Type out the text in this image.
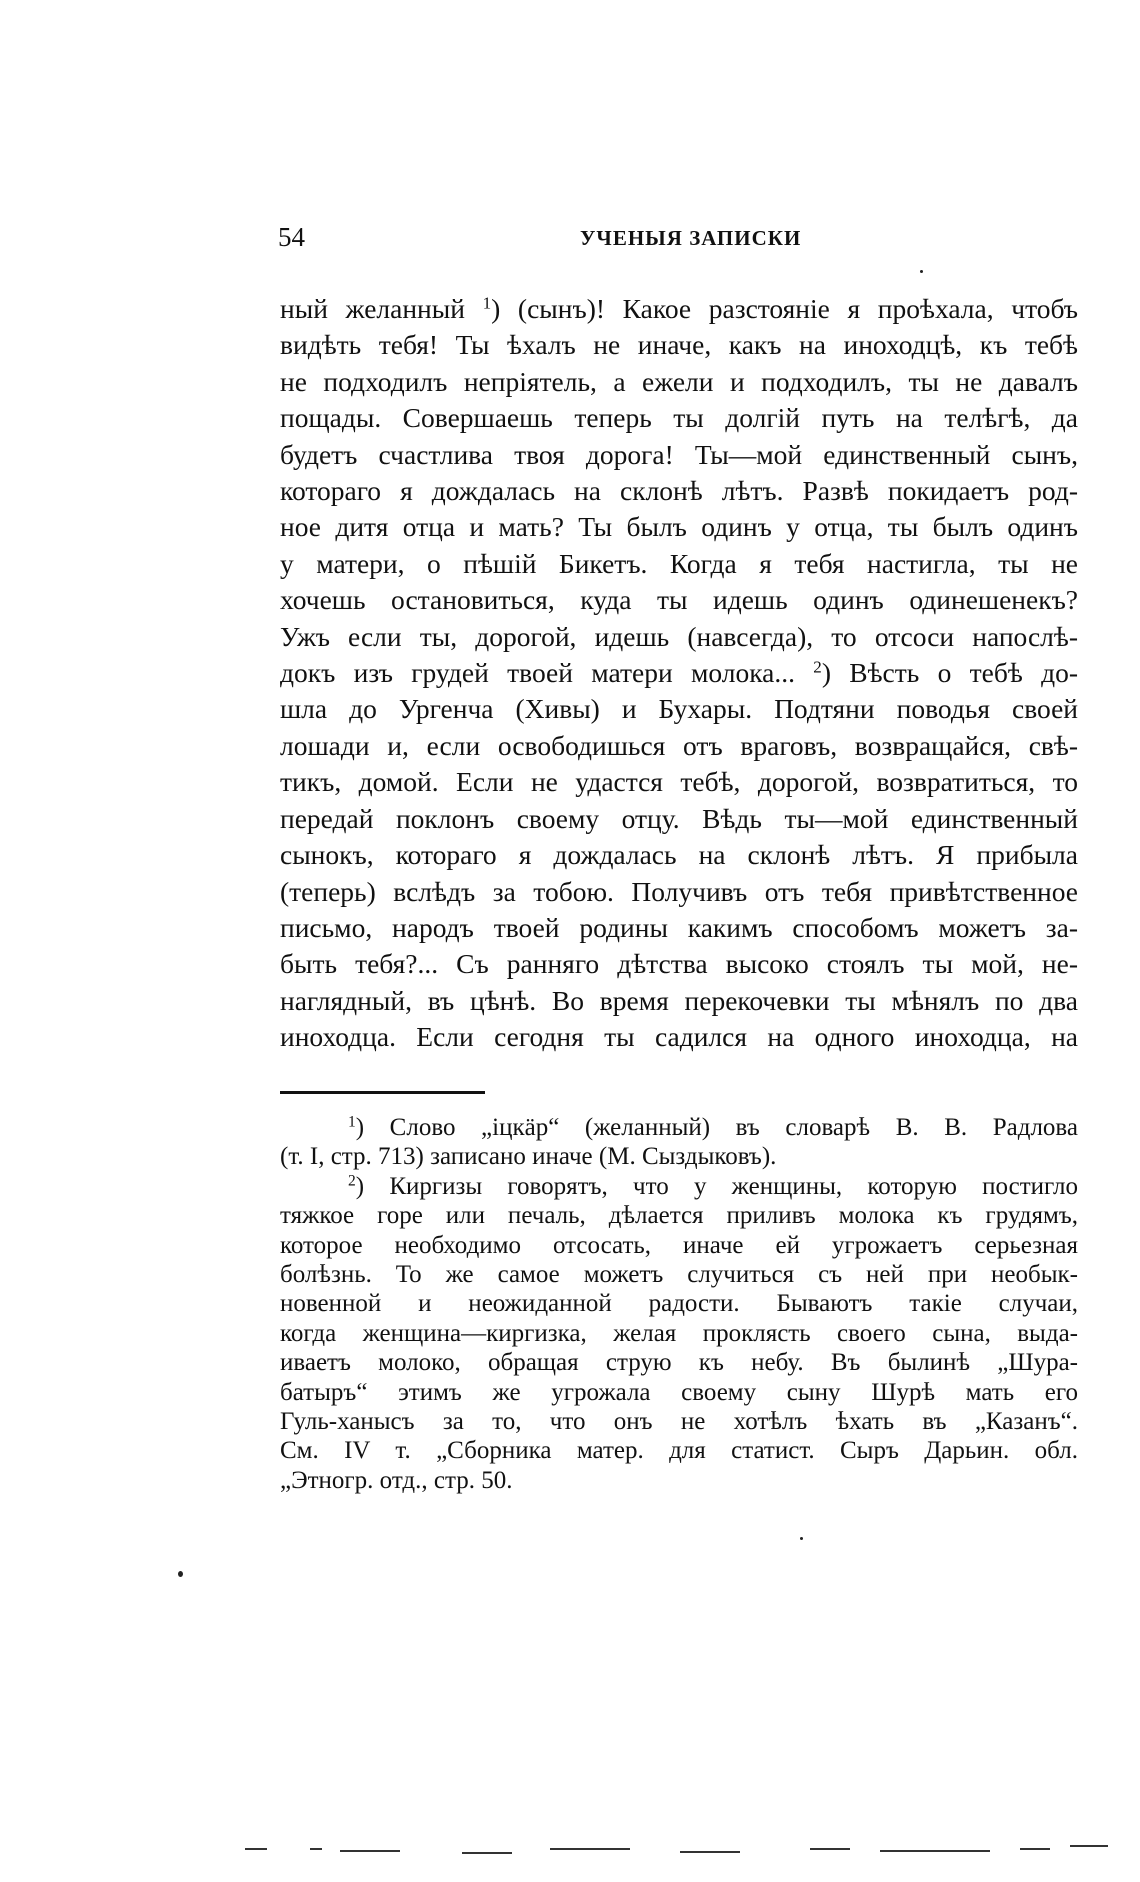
54	УЧЕНЫЯ ЗАПИСКИ
ный желанный $^1$) (сынъ)! Какое разстояніе я проѣхала, чтобъ
видѣть тебя! Ты ѣхалъ не иначе, какъ на иноходцѣ, къ тебѣ
не подходилъ непріятель, а ежели и подходилъ, ты не давалъ
пощады. Совершаешь теперь ты долгій путь на телѣгѣ, да
будетъ счастлива твоя дорога! Ты—мой единственный сынъ,
котораго я дождалась на склонѣ лѣтъ. Развѣ покидаетъ род-
ное дитя отца и мать? Ты былъ одинъ у отца, ты былъ одинъ
у матери, о пѣшій Бикетъ. Когда я тебя настигла, ты не
хочешь остановиться, куда ты идешь одинъ одинешенекъ?
Ужъ если ты, дорогой, идешь (навсегда), то отсоси напослѣ-
докъ изъ грудей твоей матери молока... $^2$) Вѣсть о тебѣ до-
шла до Ургенча (Хивы) и Бухары. Подтяни поводья своей
лошади и, если освободишься отъ враговъ, возвращайся, свѣ-
тикъ, домой. Если не удастся тебѣ, дорогой, возвратиться, то
передай поклонъ своему отцу. Вѣдь ты—мой единственный
сынокъ, котораго я дождалась на склонѣ лѣтъ. Я прибыла
(теперь) вслѣдъ за тобою. Получивъ отъ тебя привѣтственное
письмо, народъ твоей родины какимъ способомъ можетъ за-
быть тебя?... Съ ранняго дѣтства высоко стоялъ ты мой, не-
наглядный, въ цѣнѣ. Во время перекочевки ты мѣнялъ по два
иноходца. Если сегодня ты садился на одного иноходца, на
$^1$) Слово „іцкäр“ (желанный) въ словарѣ В. В. Радлова
(т. I, стр. 713) записано иначе (М. Сыздыковъ).
$^2$) Киргизы говорятъ, что у женщины, которую постигло
тяжкое горе или печаль, дѣлается приливъ молока къ грудямъ,
которое необходимо отсосать, иначе ей угрожаетъ серьезная
болѣзнь. То же самое можетъ случиться съ ней при необык-
новенной и неожиданной радости. Бываютъ такіе случаи,
когда женщина—киргизка, желая проклясть своего сына, выда-
иваетъ молоко, обращая струю къ небу. Въ былинѣ „Шура-
батыръ“ этимъ же угрожала своему сыну Шурѣ мать его
Гуль-ханысъ за то, что онъ не хотѣлъ ѣхать въ „Казанъ“.
См. IV т. „Сборника матер. для статист. Сыръ Дарьин. обл.
„Этногр. отд., стр. 50.
